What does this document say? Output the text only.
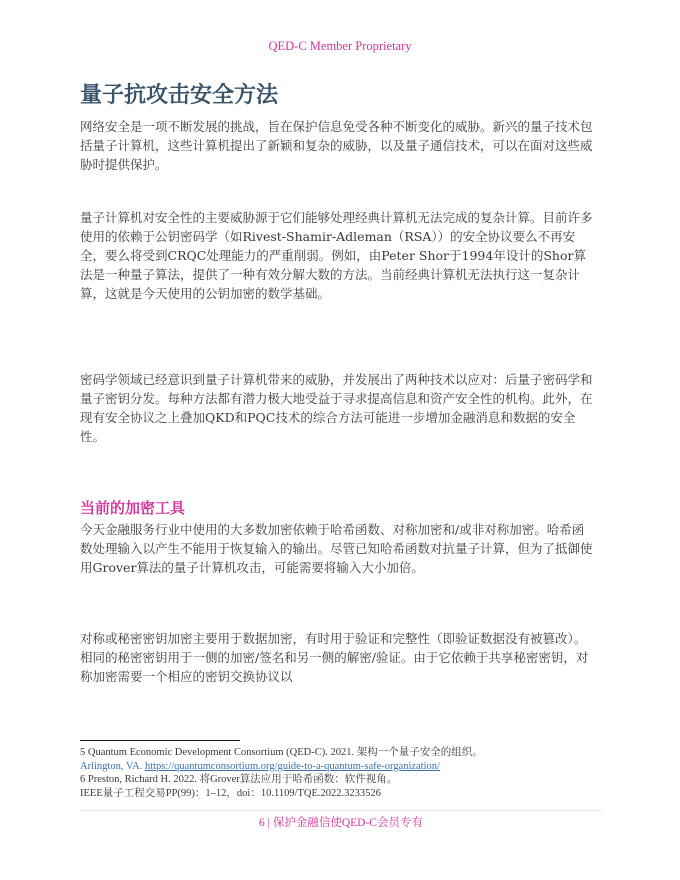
QED-C Member Proprietary
量子抗攻击安全方法

网络安全是一项不断发展的挑战，旨在保护信息免受各种不断变化的威胁。新兴的量子技术包括量子计算机，这些计算机提出了新颖和复杂的威胁，以及量子通信技术，可以在面对这些威胁时提供保护。

量子计算机对安全性的主要威胁源于它们能够处理经典计算机无法完成的复杂计算。目前许多使用的依赖于公钥密码学（如Rivest-Shamir-Adleman（RSA））的安全协议要么不再安全，要么将受到CRQC处理能力的严重削弱。例如，由Peter Shor于1994年设计的Shor算法是一种量子算法，提供了一种有效分解大数的方法。当前经典计算机无法执行这一复杂计算，这就是今天使用的公钥加密的数学基础。

密码学领域已经意识到量子计算机带来的威胁，并发展出了两种技术以应对：后量子密码学和量子密钥分发。每种方法都有潜力极大地受益于寻求提高信息和资产安全性的机构。此外，在现有安全协议之上叠加QKD和PQC技术的综合方法可能进一步增加金融消息和数据的安全性。

当前的加密工具

今天金融服务行业中使用的大多数加密依赖于哈希函数、对称加密和/或非对称加密。哈希函数处理输入以产生不能用于恢复输入的输出。尽管已知哈希函数对抗量子计算，但为了抵御使用Grover算法的量子计算机攻击，可能需要将输入大小加倍。

对称或秘密密钥加密主要用于数据加密，有时用于验证和完整性（即验证数据没有被篡改）。相同的秘密密钥用于一侧的加密/签名和另一侧的解密/验证。由于它依赖于共享秘密密钥，对称加密需要一个相应的密钥交换协议以

5 Quantum Economic Development Consortium (QED-C). 2021. 架构一个量子安全的组织。
Arlington, VA. https://quantumconsortium.org/guide-to-a-quantum-safe-organization/
6 Preston, Richard H. 2022. 将Grover算法应用于哈希函数：软件视角。
IEEE量子工程交易PP(99)：1–12，doi：10.1109/TQE.2022.3233526
6 | 保护金融信使QED-C会员专有
